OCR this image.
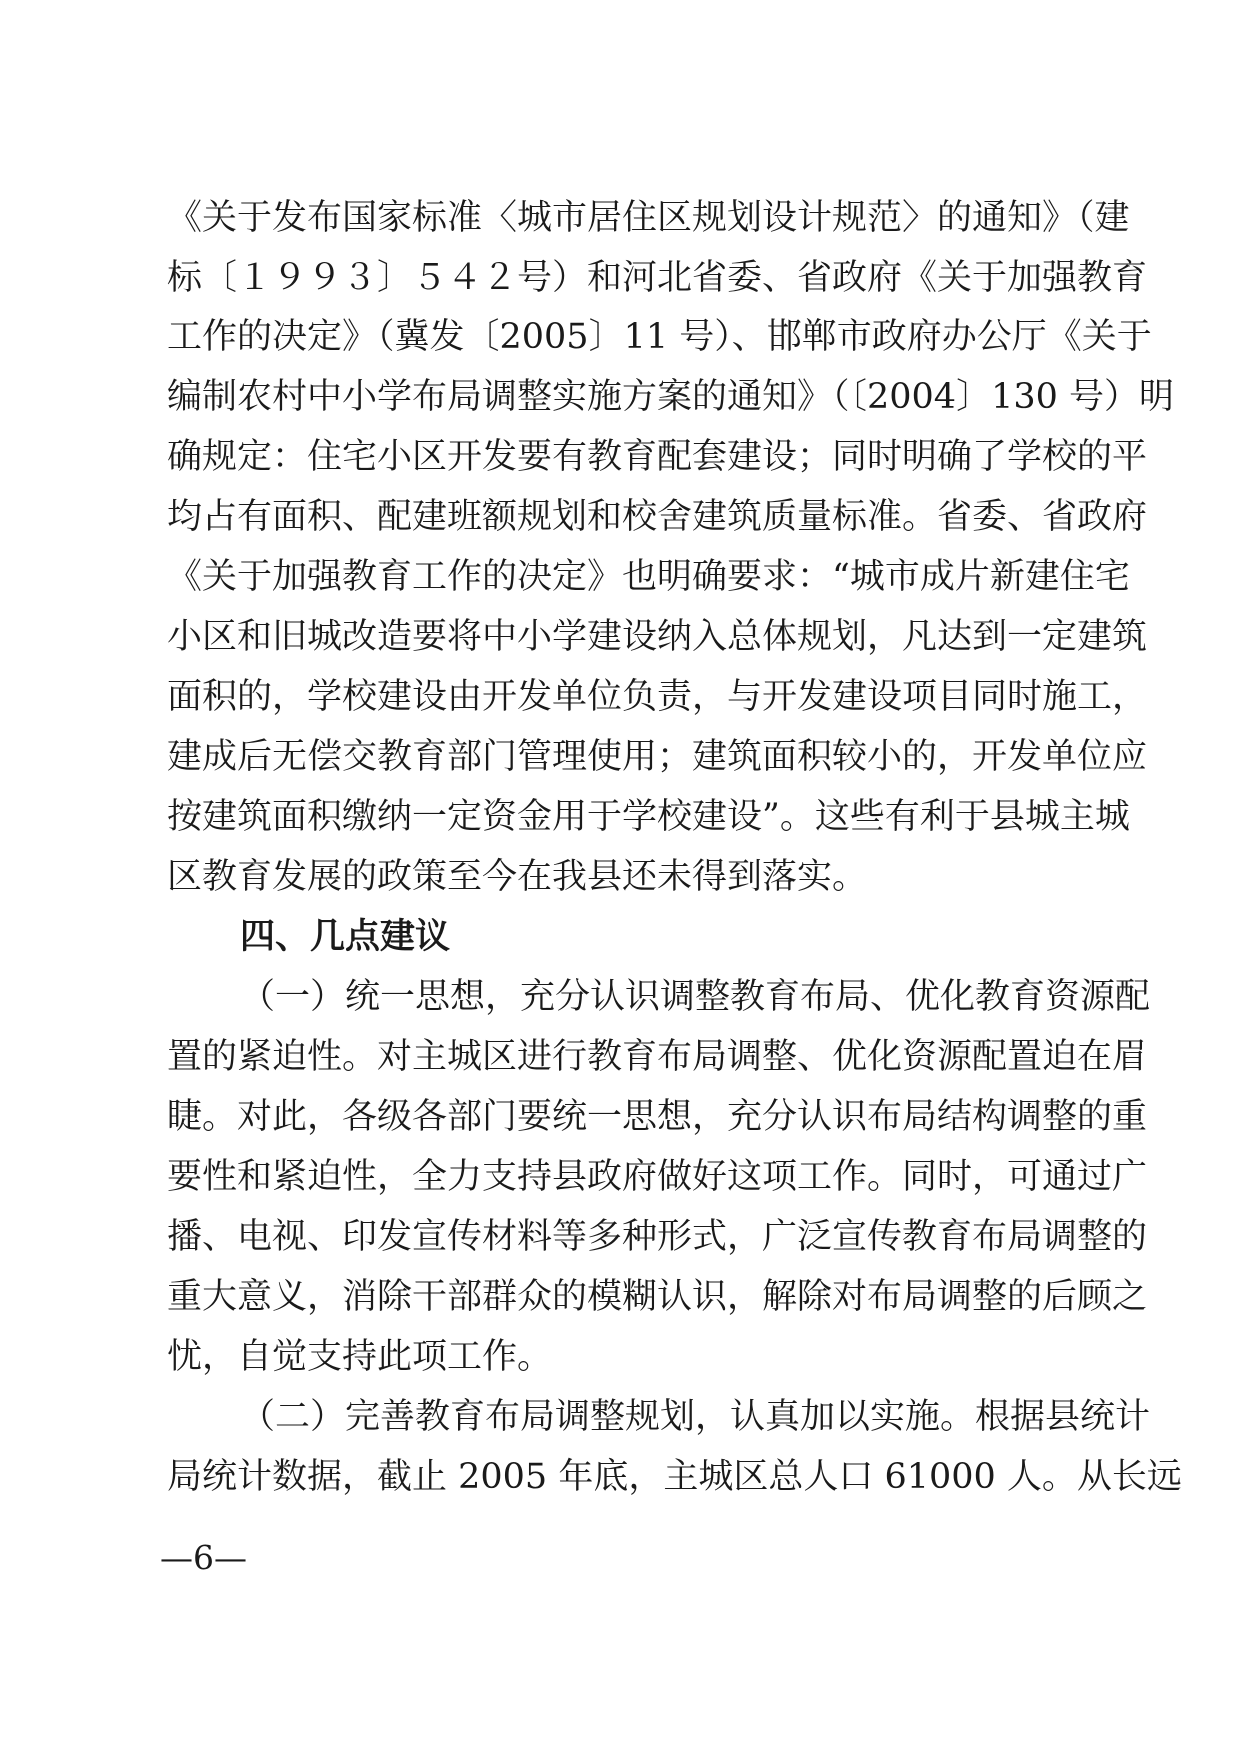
《关于发布国家标准〈城市居住区规划设计规范〉的通知》（建
标〔１９９３〕５４２号）和河北省委、省政府《关于加强教育
工作的决定》（冀发〔2005〕11 号）、邯郸市政府办公厅《关于
编制农村中小学布局调整实施方案的通知》（〔2004〕130 号）明
确规定：住宅小区开发要有教育配套建设；同时明确了学校的平
均占有面积、配建班额规划和校舍建筑质量标准。省委、省政府
《关于加强教育工作的决定》也明确要求：“城市成片新建住宅
小区和旧城改造要将中小学建设纳入总体规划，凡达到一定建筑
面积的，学校建设由开发单位负责，与开发建设项目同时施工，
建成后无偿交教育部门管理使用；建筑面积较小的，开发单位应
按建筑面积缴纳一定资金用于学校建设”。这些有利于县城主城
区教育发展的政策至今在我县还未得到落实。
四、几点建议
（一）统一思想，充分认识调整教育布局、优化教育资源配
置的紧迫性。对主城区进行教育布局调整、优化资源配置迫在眉
睫。对此，各级各部门要统一思想，充分认识布局结构调整的重
要性和紧迫性，全力支持县政府做好这项工作。同时，可通过广
播、电视、印发宣传材料等多种形式，广泛宣传教育布局调整的
重大意义，消除干部群众的模糊认识，解除对布局调整的后顾之
忧，自觉支持此项工作。
（二）完善教育布局调整规划，认真加以实施。根据县统计
局统计数据，截止 2005 年底，主城区总人口 61000 人。从长远
—6—
